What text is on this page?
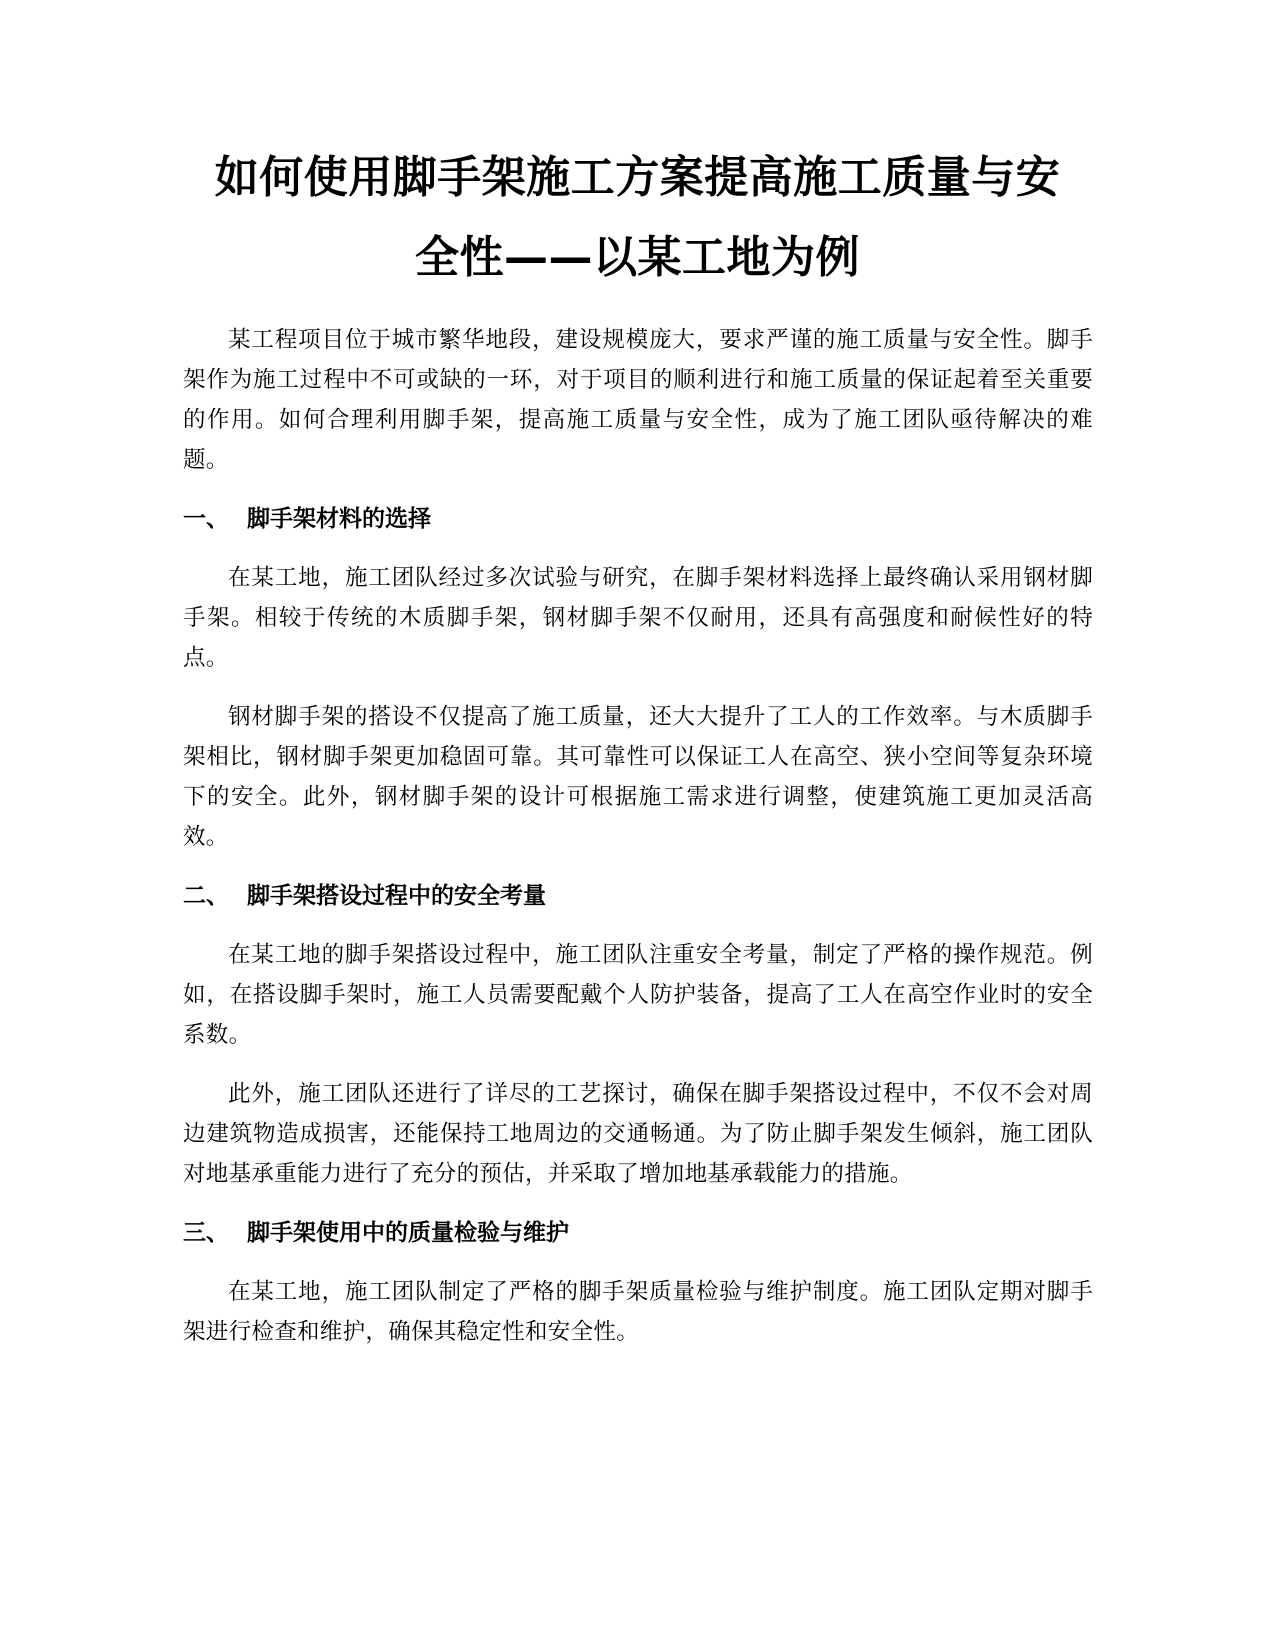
如何使用脚手架施工方案提高施工质量与安
全性——以某工地为例

某工程项目位于城市繁华地段，建设规模庞大，要求严谨的施工质量与安全性。脚手架作为施工过程中不可或缺的一环，对于项目的顺利进行和施工质量的保证起着至关重要的作用。如何合理利用脚手架，提高施工质量与安全性，成为了施工团队亟待解决的难题。

一、 脚手架材料的选择

在某工地，施工团队经过多次试验与研究，在脚手架材料选择上最终确认采用钢材脚手架。相较于传统的木质脚手架，钢材脚手架不仅耐用，还具有高强度和耐候性好的特点。

钢材脚手架的搭设不仅提高了施工质量，还大大提升了工人的工作效率。与木质脚手架相比，钢材脚手架更加稳固可靠。其可靠性可以保证工人在高空、狭小空间等复杂环境下的安全。此外，钢材脚手架的设计可根据施工需求进行调整，使建筑施工更加灵活高效。

二、 脚手架搭设过程中的安全考量

在某工地的脚手架搭设过程中，施工团队注重安全考量，制定了严格的操作规范。例如，在搭设脚手架时，施工人员需要配戴个人防护装备，提高了工人在高空作业时的安全系数。

此外，施工团队还进行了详尽的工艺探讨，确保在脚手架搭设过程中，不仅不会对周边建筑物造成损害，还能保持工地周边的交通畅通。为了防止脚手架发生倾斜，施工团队对地基承重能力进行了充分的预估，并采取了增加地基承载能力的措施。

三、 脚手架使用中的质量检验与维护

在某工地，施工团队制定了严格的脚手架质量检验与维护制度。施工团队定期对脚手架进行检查和维护，确保其稳定性和安全性。
